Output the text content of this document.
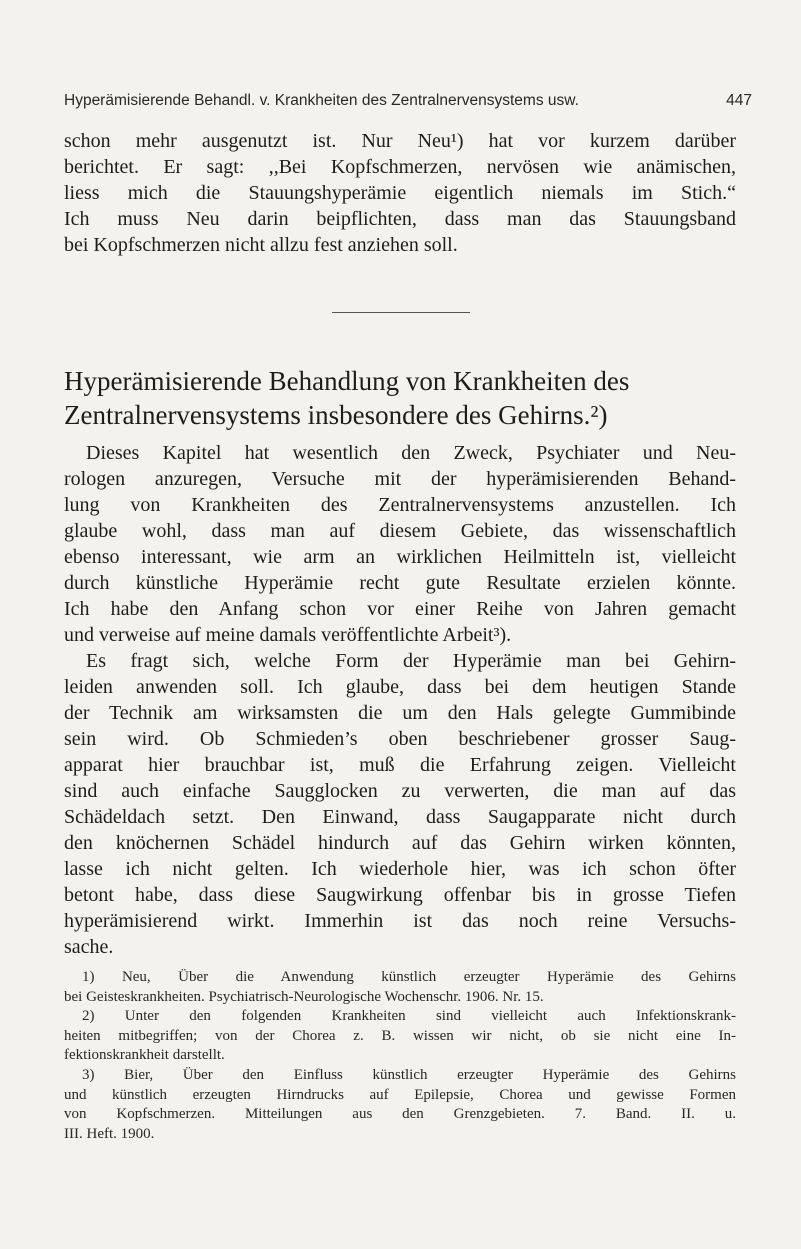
Hyperämisierende Behandl. v. Krankheiten des Zentralnervensystems usw.	447
schon mehr ausgenutzt ist. Nur Neu¹) hat vor kurzem darüber
berichtet. Er sagt: ,,Bei Kopfschmerzen, nervösen wie anämischen,
liess mich die Stauungshyperämie eigentlich niemals im Stich.“
Ich muss Neu darin beipflichten, dass man das Stauungsband
bei Kopfschmerzen nicht allzu fest anziehen soll.
Hyperämisierende Behandlung von Krankheiten des
Zentralnervensystems insbesondere des Gehirns.²)
Dieses Kapitel hat wesentlich den Zweck, Psychiater und Neu-
rologen anzuregen, Versuche mit der hyperämisierenden Behand-
lung von Krankheiten des Zentralnervensystems anzustellen. Ich
glaube wohl, dass man auf diesem Gebiete, das wissenschaftlich
ebenso interessant, wie arm an wirklichen Heilmitteln ist, vielleicht
durch künstliche Hyperämie recht gute Resultate erzielen könnte.
Ich habe den Anfang schon vor einer Reihe von Jahren gemacht
und verweise auf meine damals veröffentlichte Arbeit³).
Es fragt sich, welche Form der Hyperämie man bei Gehirn-
leiden anwenden soll. Ich glaube, dass bei dem heutigen Stande
der Technik am wirksamsten die um den Hals gelegte Gummibinde
sein wird. Ob Schmieden’s oben beschriebener grosser Saug-
apparat hier brauchbar ist, muß die Erfahrung zeigen. Vielleicht
sind auch einfache Saugglocken zu verwerten, die man auf das
Schädeldach setzt. Den Einwand, dass Saugapparate nicht durch
den knöchernen Schädel hindurch auf das Gehirn wirken könnten,
lasse ich nicht gelten. Ich wiederhole hier, was ich schon öfter
betont habe, dass diese Saugwirkung offenbar bis in grosse Tiefen
hyperämisierend wirkt. Immerhin ist das noch reine Versuchs-
sache.
1) Neu, Über die Anwendung künstlich erzeugter Hyperämie des Gehirns
bei Geisteskrankheiten. Psychiatrisch-Neurologische Wochenschr. 1906. Nr. 15.
2) Unter den folgenden Krankheiten sind vielleicht auch Infektionskrank-
heiten mitbegriffen; von der Chorea z. B. wissen wir nicht, ob sie nicht eine In-
fektionskrankheit darstellt.
3) Bier, Über den Einfluss künstlich erzeugter Hyperämie des Gehirns
und künstlich erzeugten Hirndrucks auf Epilepsie, Chorea und gewisse Formen
von Kopfschmerzen. Mitteilungen aus den Grenzgebieten. 7. Band. II. u.
III. Heft. 1900.
